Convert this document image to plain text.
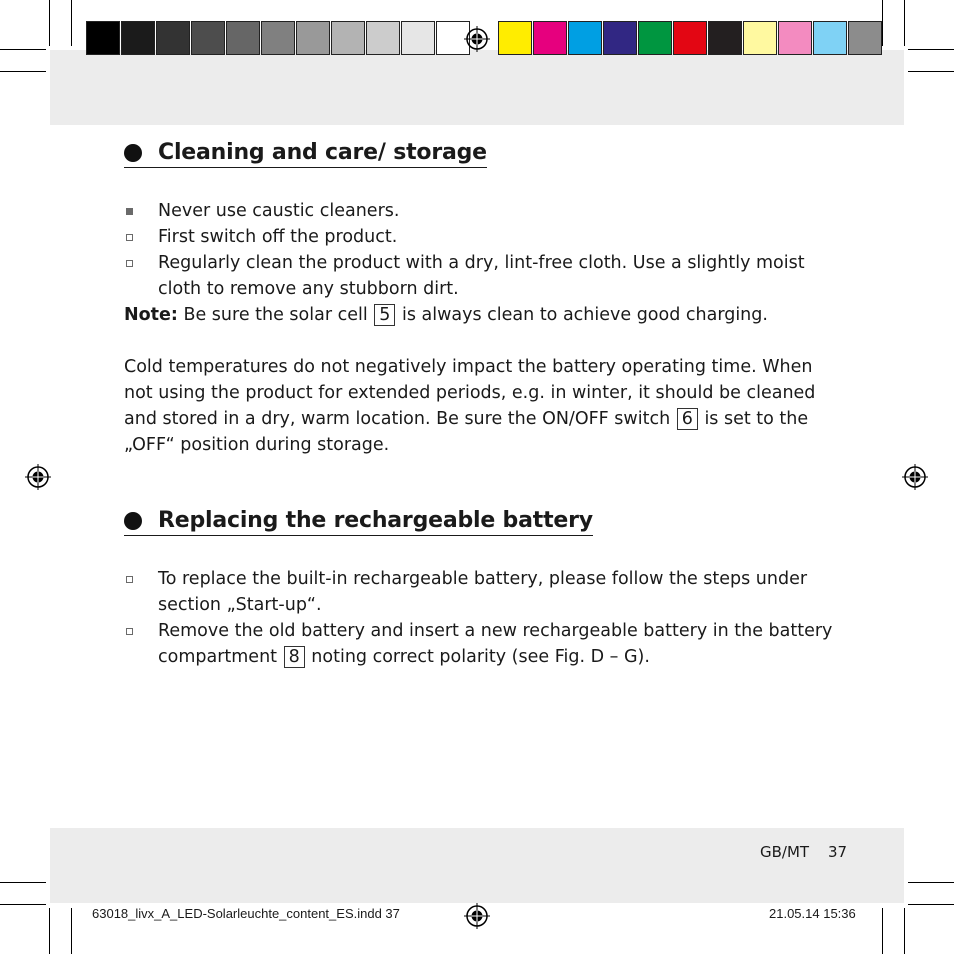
Cleaning and care/ storage
Never use caustic cleaners.
First switch off the product.
Regularly clean the product with a dry, lint-free cloth. Use a slightly moist cloth to remove any stubborn dirt.

Note: Be sure the solar cell 5 is always clean to achieve good charging.

Cold temperatures do not negatively impact the battery operating time. When not using the product for extended periods, e.g. in winter, it should be cleaned and stored in a dry, warm location. Be sure the ON/OFF switch 6 is set to the „OFF“ position during storage.

Replacing the rechargeable battery
To replace the built-in rechargeable battery, please follow the steps under section „Start-up“.
Remove the old battery and insert a new rechargeable battery in the battery compartment 8 noting correct polarity (see Fig. D – G).
GB/MT 37
63018_livx_A_LED-Solarleuchte_content_ES.indd 37	21.05.14 15:36
